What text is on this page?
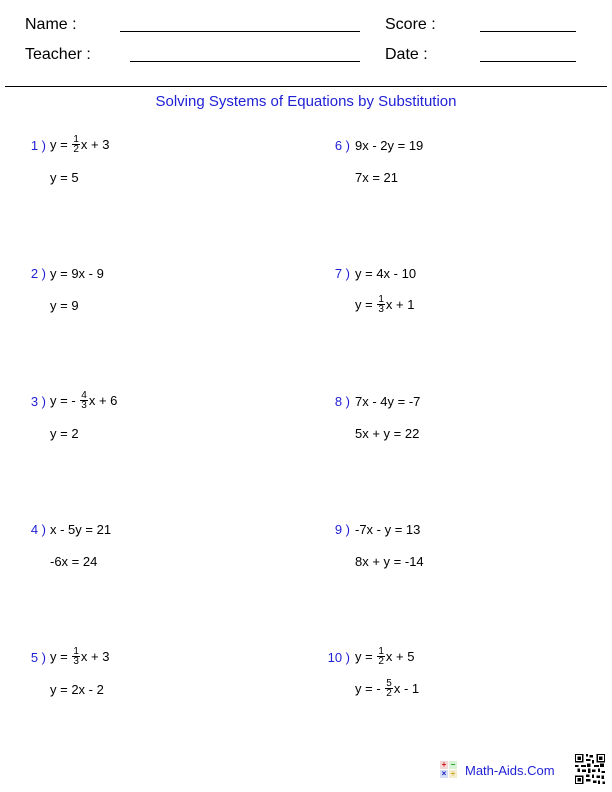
Name :	Score :
Teacher :	Date :
Solving Systems of Equations by Substitution
1 ) $y = \frac{1}{2}$ x + 3
y = 5
2 ) y = 9x - 9
y = 9
3 ) y = - $\frac{4}{3}$ x + 6
y = 2
4 ) x - 5y = 21
-6x = 24
5 ) $y = \frac{1}{3}$ x + 3
y = 2x - 2
6 ) 9x - 2y = 19
7x = 21
7 ) y = 4x - 10
$y = \frac{1}{3}$ x + 1
8 ) 7x - 4y = -7
5x + y = 22
9 ) -7x - y = 13
8x + y = -14
10 ) $y = \frac{1}{2}$ x + 5
y = - $\frac{5}{2}$ x - 1
+ −
× ÷ Math-Aids.Com
